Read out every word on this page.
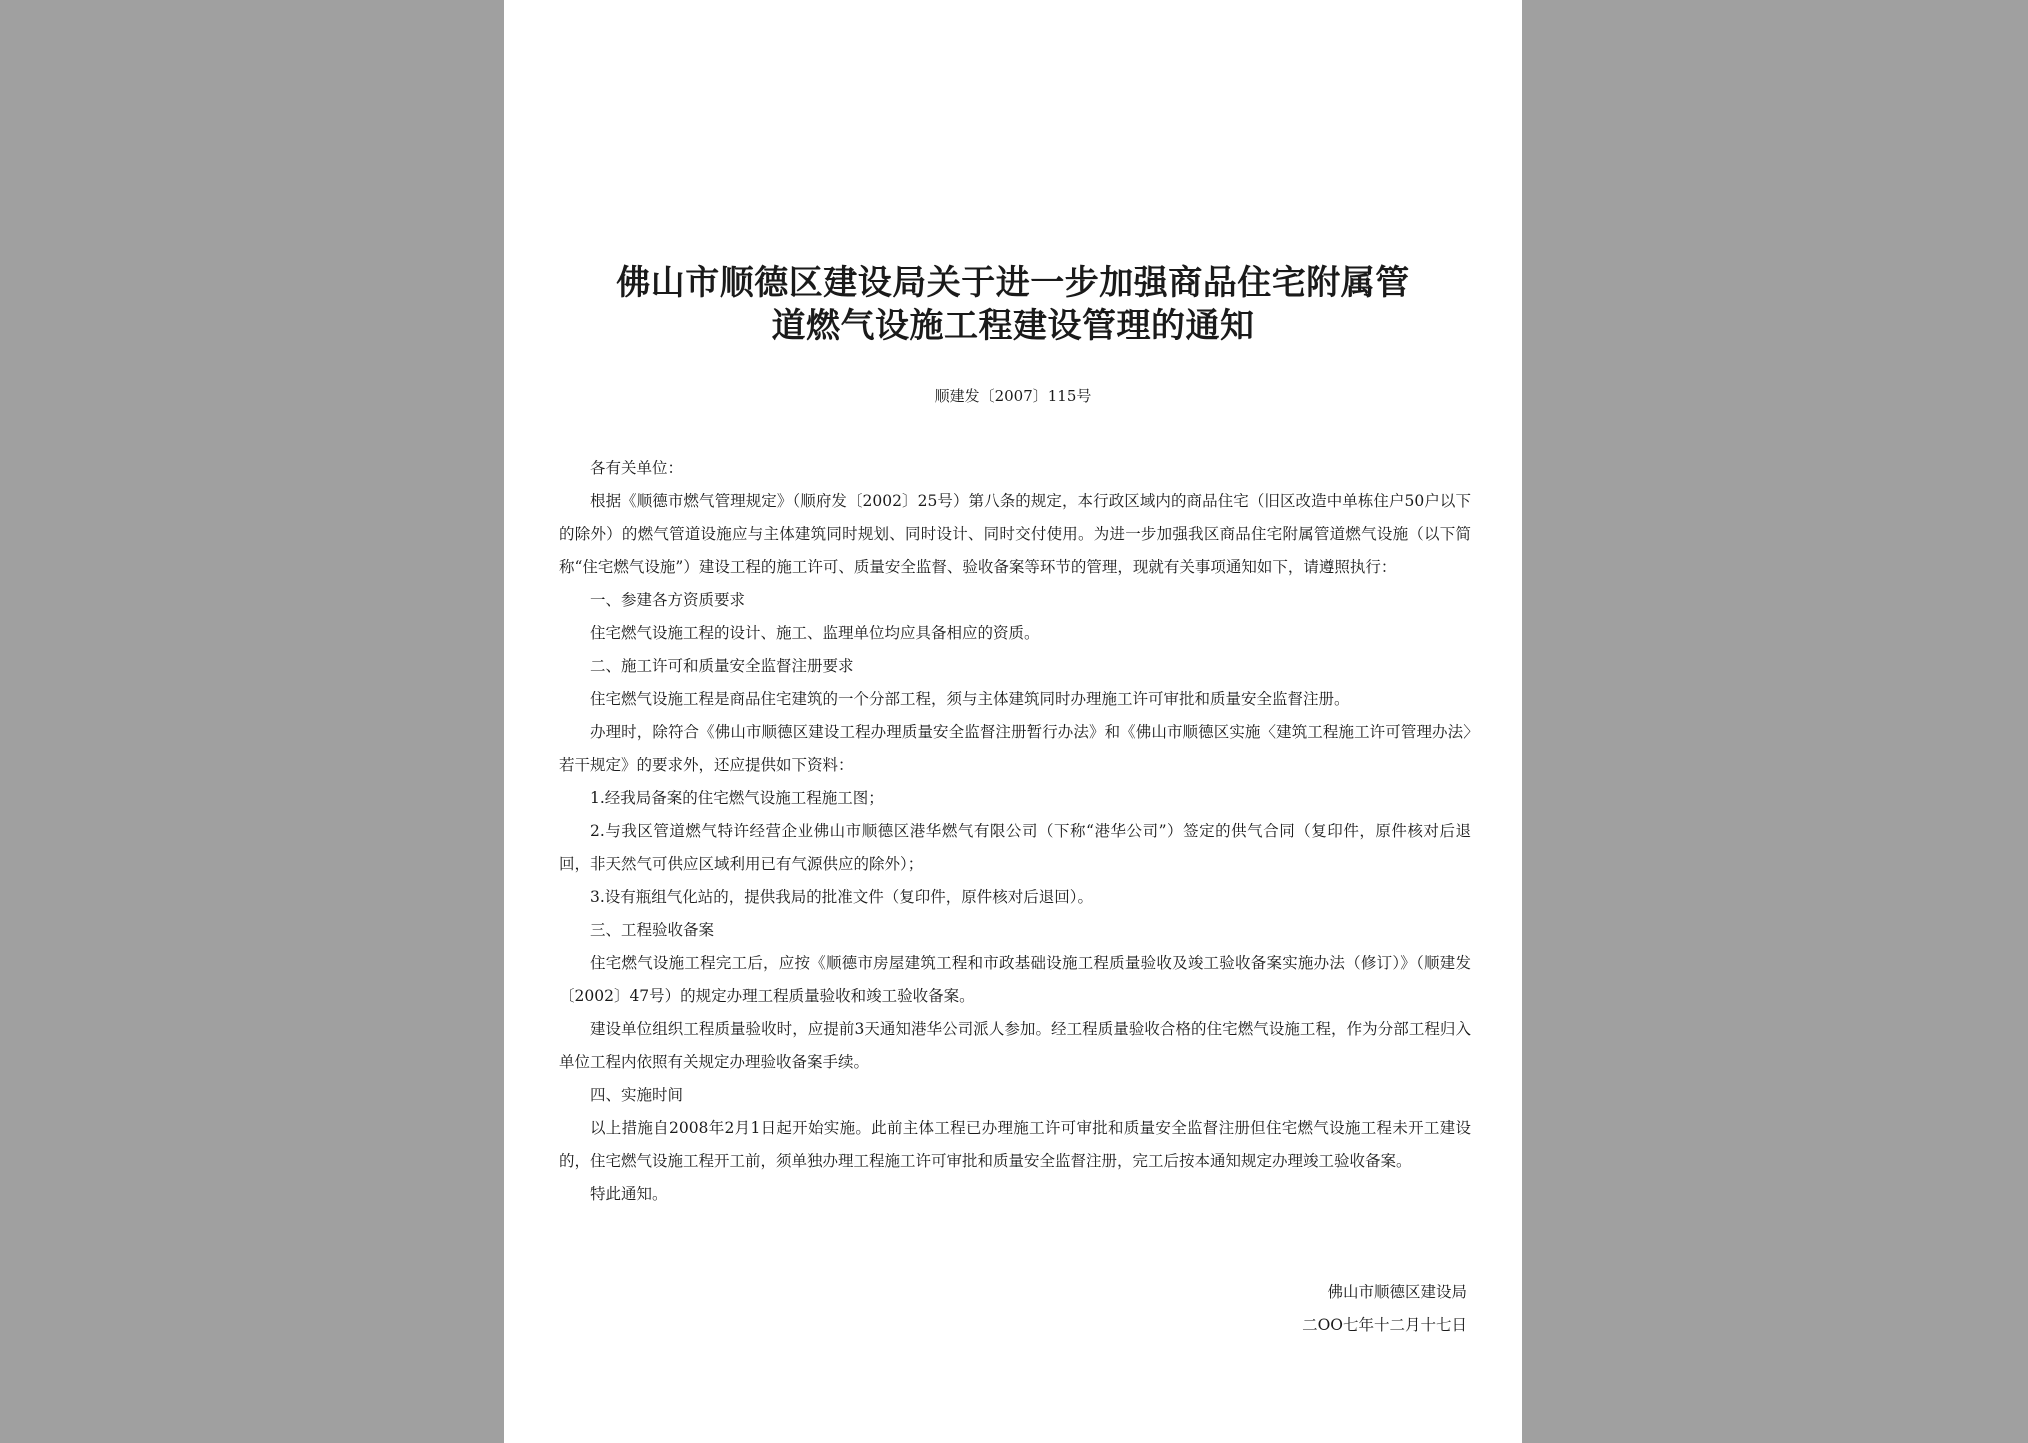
佛山市顺德区建设局关于进一步加强商品住宅附属管
道燃气设施工程建设管理的通知
顺建发〔2007〕115号

各有关单位：

根据《顺德市燃气管理规定》（顺府发〔2002〕25号）第八条的规定，本行政区域内的商品住宅（旧区改造中单栋住户50户以下的除外）的燃气管道设施应与主体建筑同时规划、同时设计、同时交付使用。为进一步加强我区商品住宅附属管道燃气设施（以下简称“住宅燃气设施”）建设工程的施工许可、质量安全监督、验收备案等环节的管理，现就有关事项通知如下，请遵照执行：

一、参建各方资质要求

住宅燃气设施工程的设计、施工、监理单位均应具备相应的资质。

二、施工许可和质量安全监督注册要求

住宅燃气设施工程是商品住宅建筑的一个分部工程，须与主体建筑同时办理施工许可审批和质量安全监督注册。

办理时，除符合《佛山市顺德区建设工程办理质量安全监督注册暂行办法》和《佛山市顺德区实施〈建筑工程施工许可管理办法〉若干规定》的要求外，还应提供如下资料：

1.经我局备案的住宅燃气设施工程施工图；

2.与我区管道燃气特许经营企业佛山市顺德区港华燃气有限公司（下称“港华公司”）签定的供气合同（复印件，原件核对后退回，非天然气可供应区域利用已有气源供应的除外）；

3.设有瓶组气化站的，提供我局的批准文件（复印件，原件核对后退回）。

三、工程验收备案

住宅燃气设施工程完工后，应按《顺德市房屋建筑工程和市政基础设施工程质量验收及竣工验收备案实施办法（修订）》（顺建发〔2002〕47号）的规定办理工程质量验收和竣工验收备案。

建设单位组织工程质量验收时，应提前3天通知港华公司派人参加。经工程质量验收合格的住宅燃气设施工程，作为分部工程归入单位工程内依照有关规定办理验收备案手续。

四、实施时间

以上措施自2008年2月1日起开始实施。此前主体工程已办理施工许可审批和质量安全监督注册但住宅燃气设施工程未开工建设的，住宅燃气设施工程开工前，须单独办理工程施工许可审批和质量安全监督注册，完工后按本通知规定办理竣工验收备案。

特此通知。

佛山市顺德区建设局
二OO七年十二月十七日
